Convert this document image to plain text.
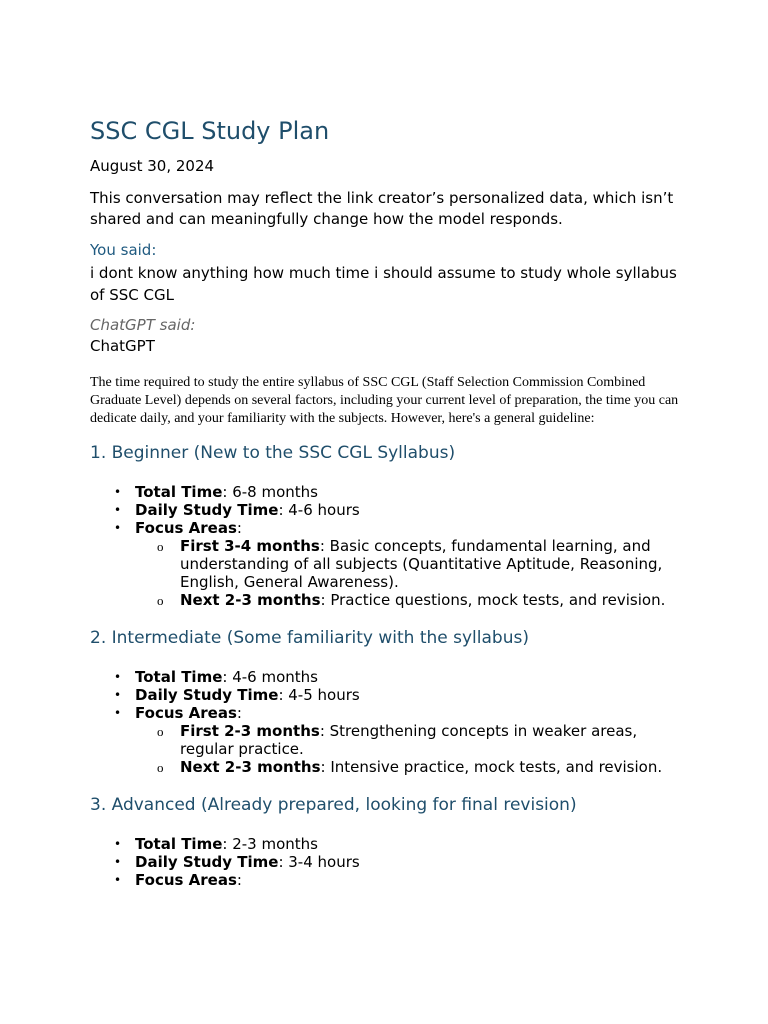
SSC CGL Study Plan
August 30, 2024
This conversation may reflect the link creator’s personalized data, which isn’t shared and can meaningfully change how the model responds.
You said:
i dont know anything how much time i should assume to study whole syllabus of SSC CGL
ChatGPT said:
ChatGPT

The time required to study the entire syllabus of SSC CGL (Staff Selection Commission Combined Graduate Level) depends on several factors, including your current level of preparation, the time you can dedicate daily, and your familiarity with the subjects. However, here's a general guideline:

1. Beginner (New to the SSC CGL Syllabus)
• Total Time: 6-8 months
• Daily Study Time: 4-6 hours
• Focus Areas:
o First 3-4 months: Basic concepts, fundamental learning, and understanding of all subjects (Quantitative Aptitude, Reasoning, English, General Awareness).
o Next 2-3 months: Practice questions, mock tests, and revision.
2. Intermediate (Some familiarity with the syllabus)
• Total Time: 4-6 months
• Daily Study Time: 4-5 hours
• Focus Areas:
o First 2-3 months: Strengthening concepts in weaker areas, regular practice.
o Next 2-3 months: Intensive practice, mock tests, and revision.
3. Advanced (Already prepared, looking for final revision)
• Total Time: 2-3 months
• Daily Study Time: 3-4 hours
• Focus Areas:
